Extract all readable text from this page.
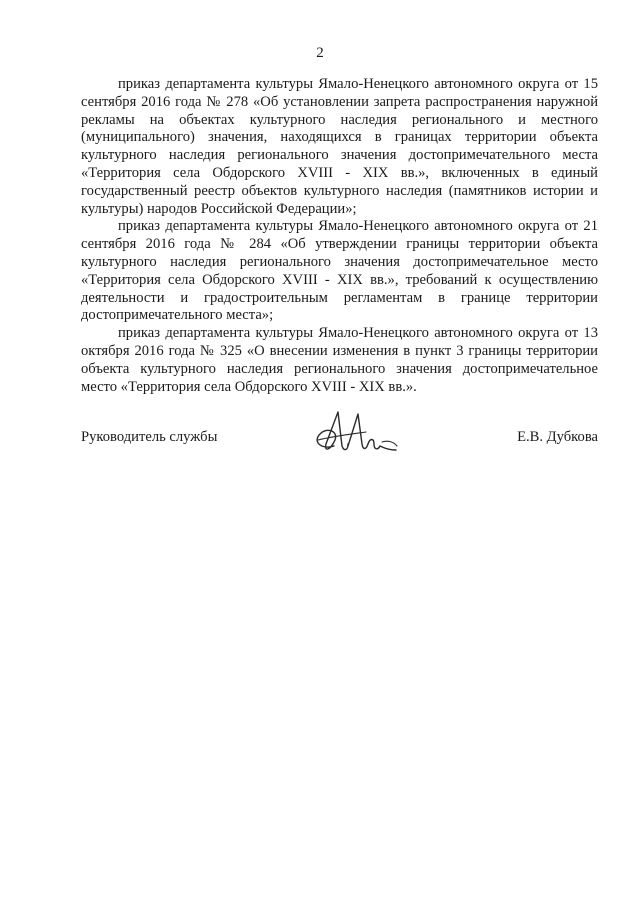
2

приказ департамента культуры Ямало-Ненецкого автономного округа от 15 сентября 2016 года № 278 «Об установлении запрета распространения наружной рекламы на объектах культурного наследия регионального и местного (муниципального) значения, находящихся в границах территории объекта культурного наследия регионального значения достопримечательного места «Территория села Обдорского XVIII - XIX вв.», включенных в единый государственный реестр объектов культурного наследия (памятников истории и культуры) народов Российской Федерации»;

приказ департамента культуры Ямало-Ненецкого автономного округа от 21 сентября 2016 года № 284 «Об утверждении границы территории объекта культурного наследия регионального значения достопримечательное место «Территория села Обдорского XVIII - XIX вв.», требований к осуществлению деятельности и градостроительным регламентам в границе территории достопримечательного места»;

приказ департамента культуры Ямало-Ненецкого автономного округа от 13 октября 2016 года № 325 «О внесении изменения в пункт 3 границы территории объекта культурного наследия регионального значения достопримечательное место «Территория села Обдорского XVIII - XIX вв.».

Руководитель службы	Е.В. Дубкова
